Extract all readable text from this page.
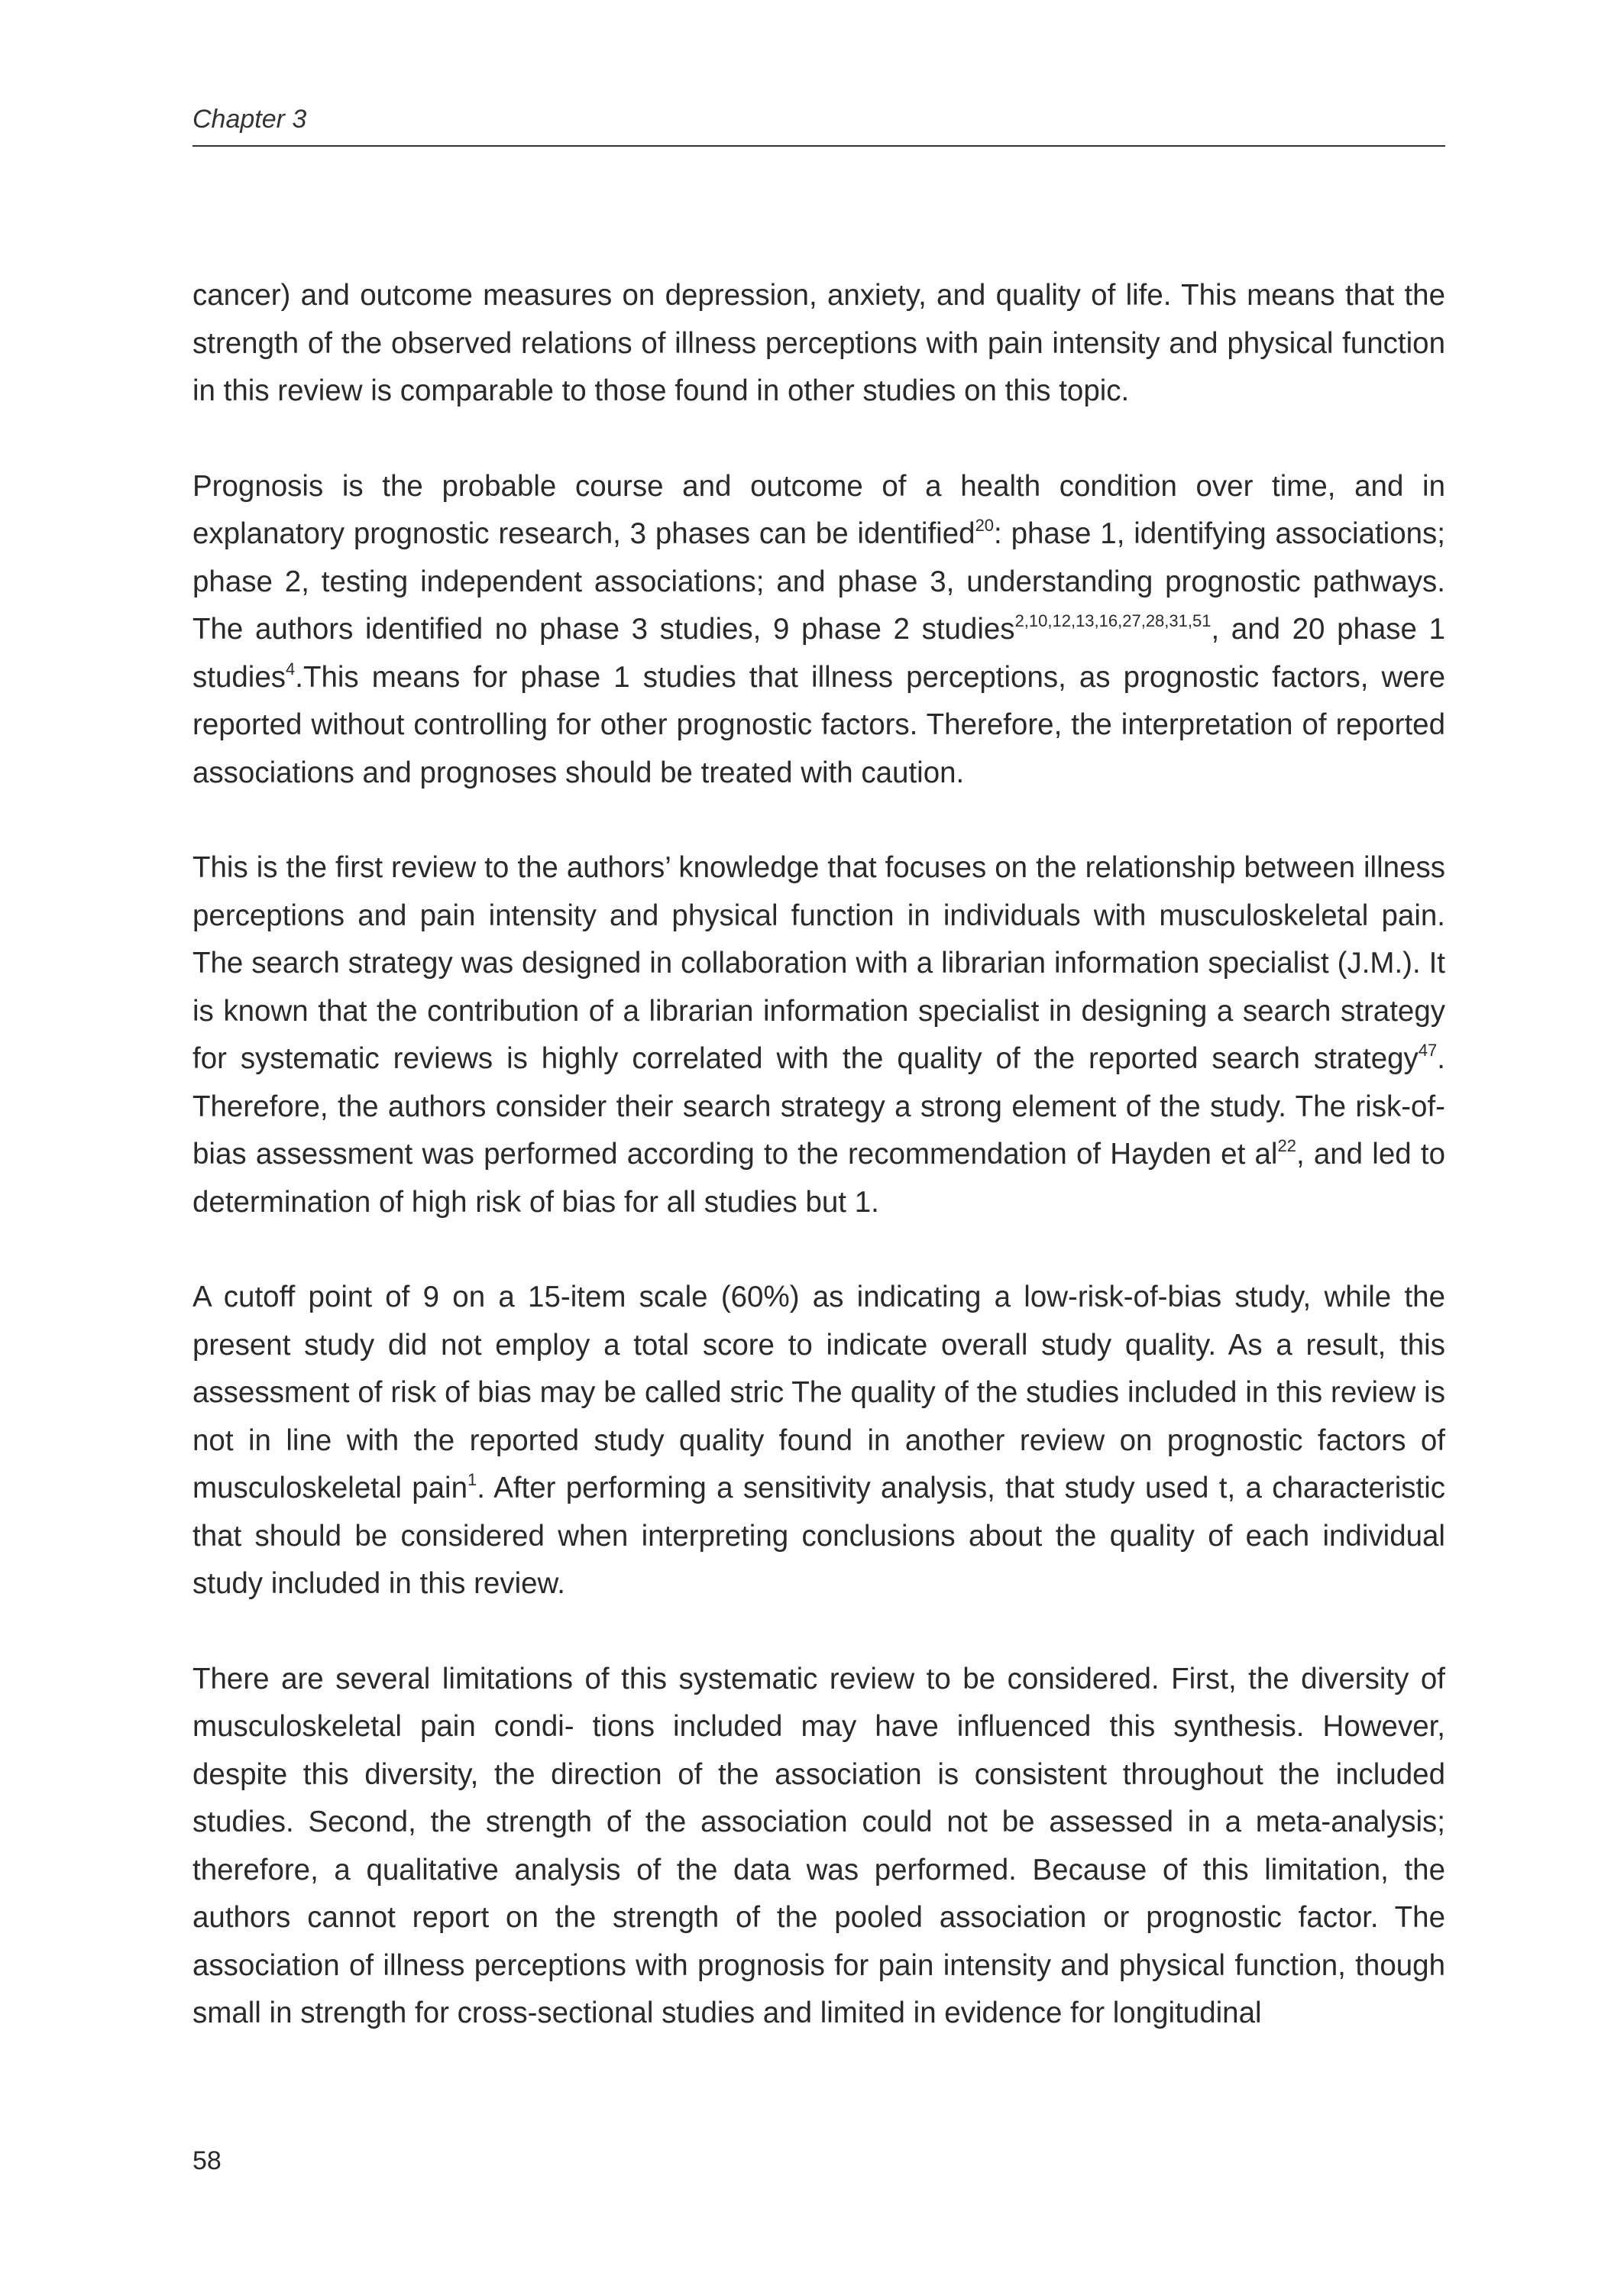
Chapter 3

cancer) and outcome measures on depression, anxiety, and quality of life. This means that the strength of the observed relations of illness perceptions with pain intensity and physical function in this review is comparable to those found in other studies on this topic.

Prognosis is the probable course and outcome of a health condition over time, and in explanatory prognostic research, 3 phases can be identified$^{20}$: phase 1, identifying associations; phase 2, testing independent associations; and phase 3, understanding prognostic pathways. The authors identified no phase 3 studies, 9 phase 2 studies$^{2,10,12,13,16,27,28,31,51}$, and 20 phase 1 studies$^4$.This means for phase 1 studies that illness perceptions, as prognostic factors, were reported without controlling for other prognostic factors. Therefore, the interpretation of reported associations and prognoses should be treated with caution.

This is the first review to the authors’ knowledge that focuses on the relationship between illness perceptions and pain intensity and physical function in individuals with musculoskeletal pain. The search strategy was designed in collaboration with a librarian information specialist (J.M.). It is known that the contribution of a librarian information specialist in designing a search strategy for systematic reviews is highly correlated with the quality of the reported search strategy$^{47}$. Therefore, the authors consider their search strategy a strong element of the study. The risk-of-bias assessment was performed according to the recommendation of Hayden et $al^{22}$, and led to determination of high risk of bias for all studies but 1.

A cutoff point of 9 on a 15-item scale (60%) as indicating a low-risk-of-bias study, while the present study did not employ a total score to indicate overall study quality. As a result, this assessment of risk of bias may be called stric The quality of the studies included in this review is not in line with the reported study quality found in another review on prognostic factors of musculoskeletal pain$^1$. After performing a sensitivity analysis, that study used t, a characteristic that should be considered when interpreting conclusions about the quality of each individual study included in this review.

There are several limitations of this systematic review to be considered. First, the diversity of musculoskeletal pain condi- tions included may have influenced this synthesis. However, despite this diversity, the direction of the association is consistent throughout the included studies. Second, the strength of the association could not be assessed in a meta-analysis; therefore, a qualitative analysis of the data was performed. Because of this limitation, the authors cannot report on the strength of the pooled association or prognostic factor. The association of illness perceptions with prognosis for pain intensity and physical function, though small in strength for cross-sectional studies and limited in evidence for longitudinal

58
